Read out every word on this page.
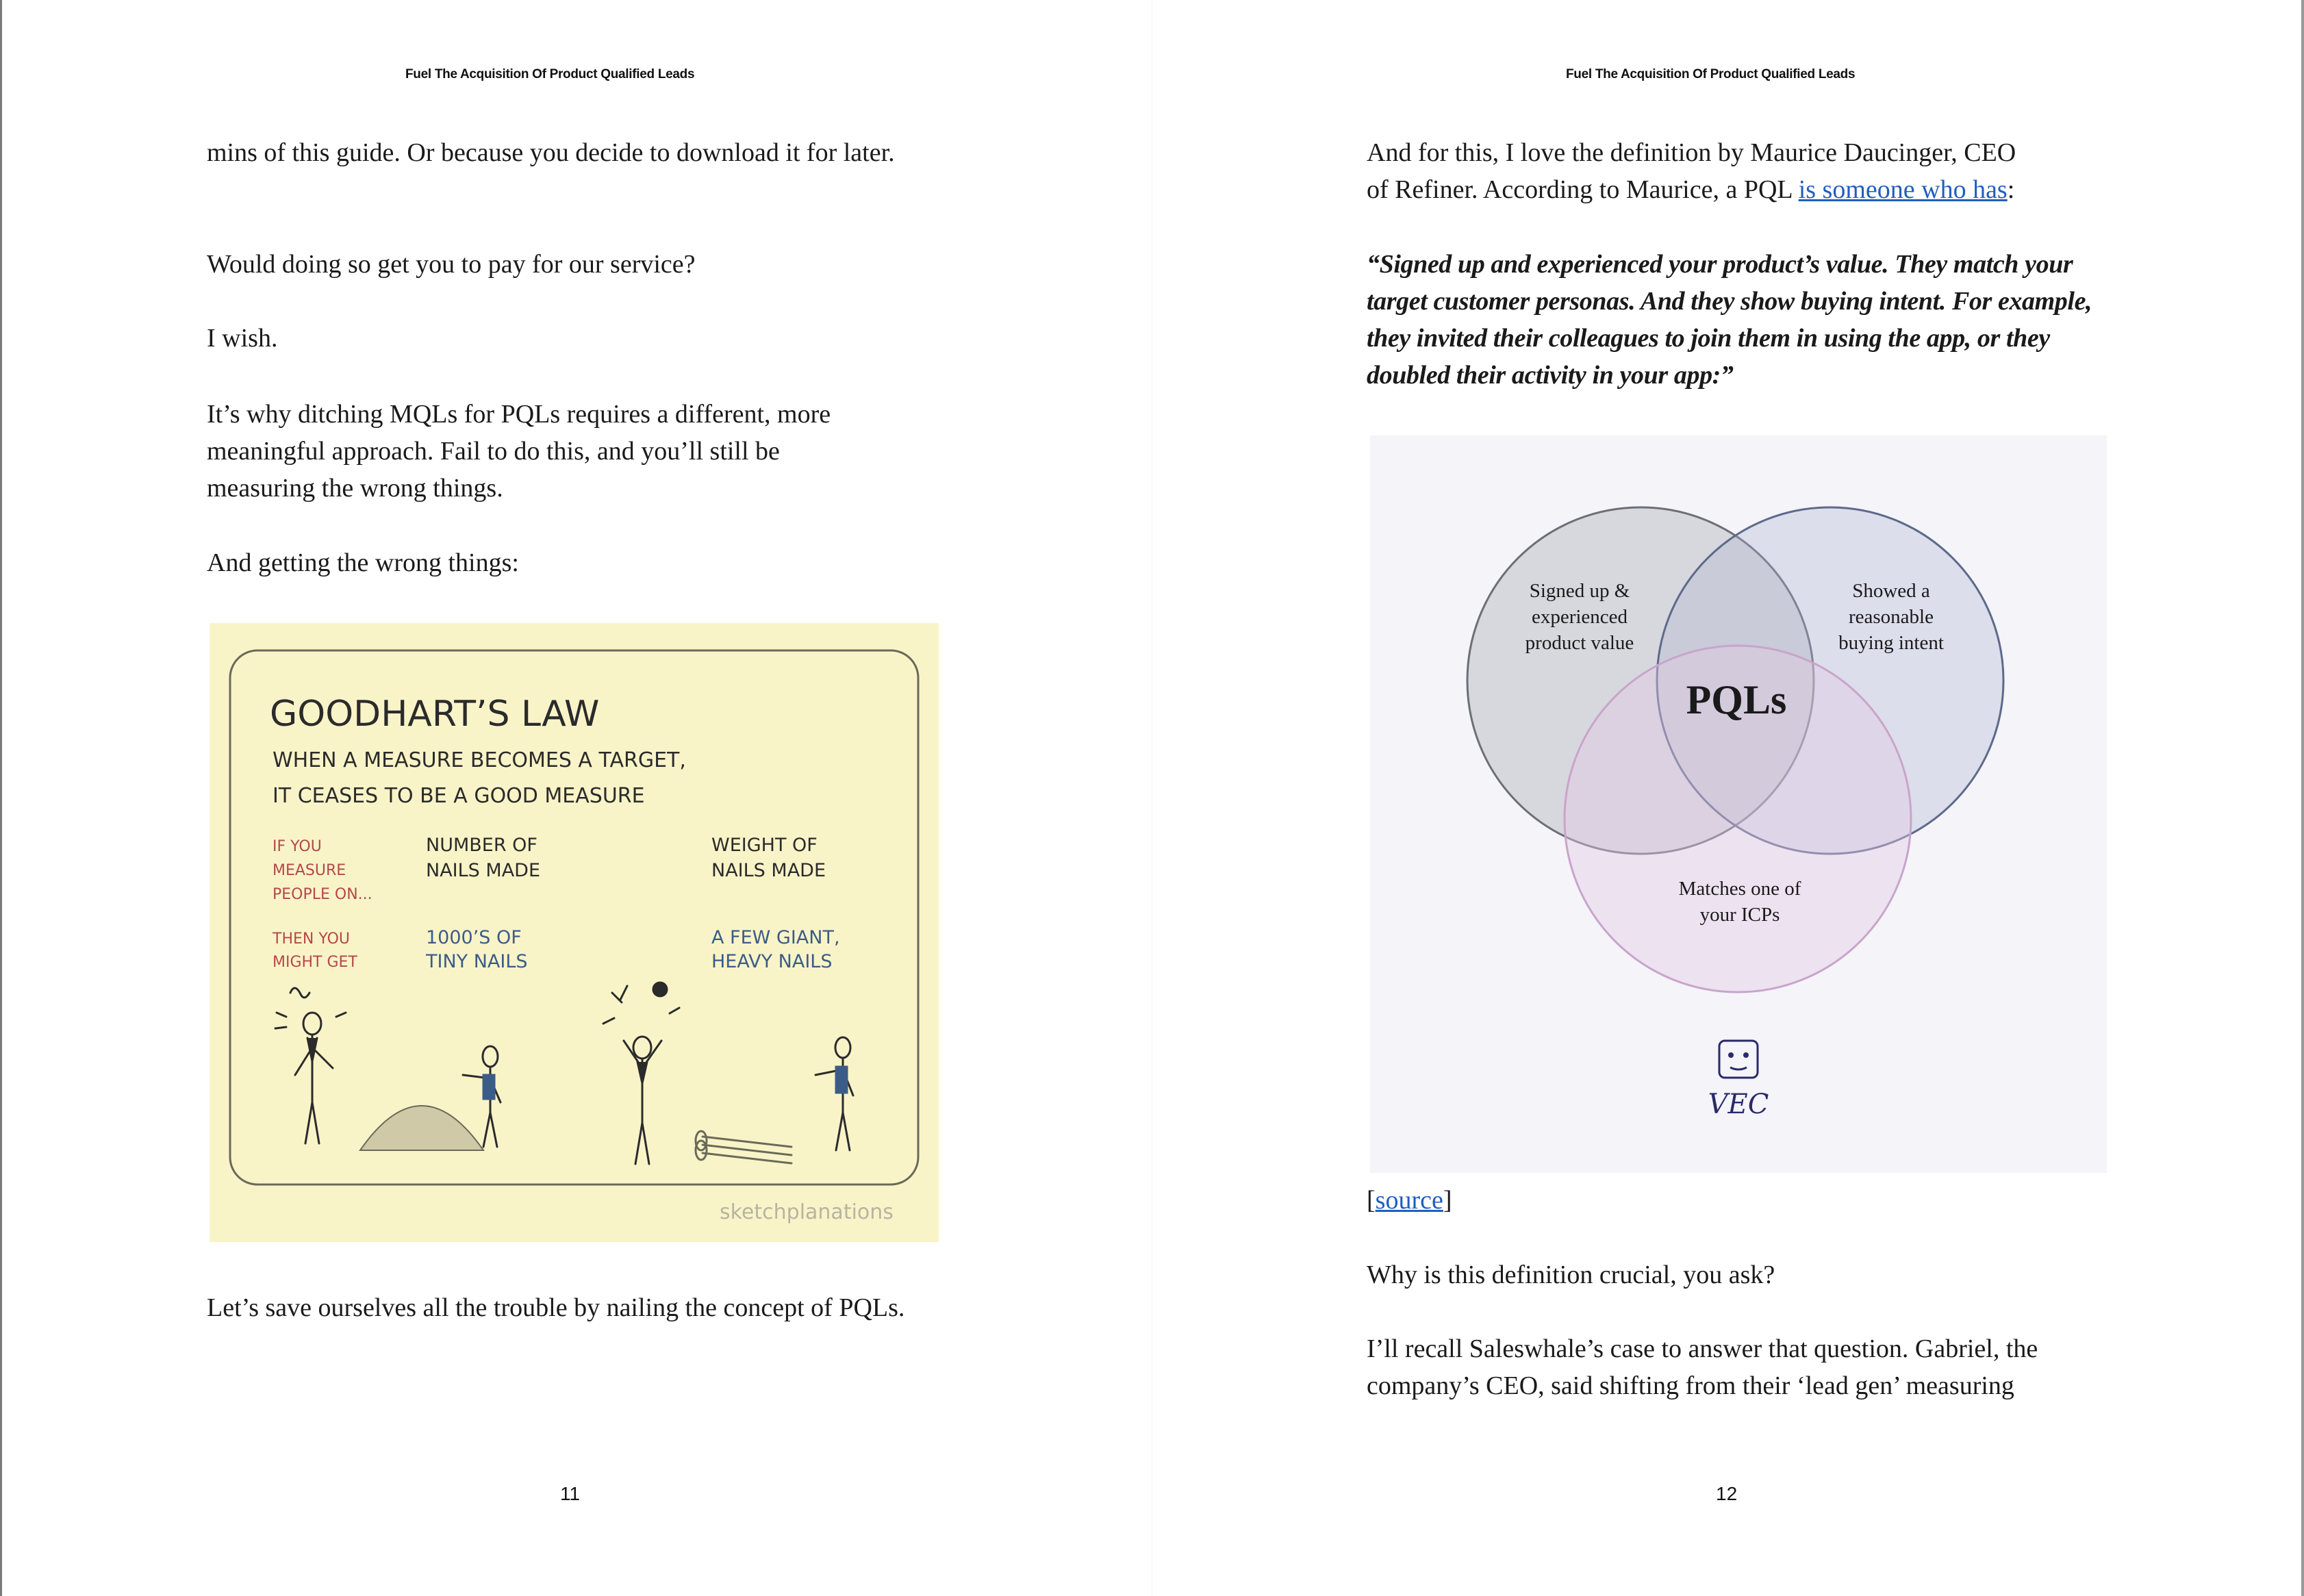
Fuel The Acquisition Of Product Qualified Leads

mins of this guide. Or because you decide to download it for later.

Would doing so get you to pay for our service?

I wish.

It’s why ditching MQLs for PQLs requires a different, more meaningful approach. Fail to do this, and you’ll still be measuring the wrong things.

And getting the wrong things:

GOODHART’S LAW
WHEN A MEASURE BECOMES A TARGET,
IT CEASES TO BE A GOOD MEASURE
IF YOU
MEASURE
PEOPLE ON...
THEN YOU
MIGHT GET
NUMBER OF
NAILS MADE
WEIGHT OF
NAILS MADE
1000’S OF
TINY NAILS
A FEW GIANT,
HEAVY NAILS
sketchplanations

Let’s save ourselves all the trouble by nailing the concept of PQLs.

11
Fuel The Acquisition Of Product Qualified Leads
And for this, I love the definition by Maurice Daucinger, CEO
of Refiner. According to Maurice, a PQL is someone who has:

“Signed up and experienced your product’s value. They match your target customer personas. And they show buying intent. For example, they invited their colleagues to join them in using the app, or they doubled their activity in your app:”

Signed up &
experienced
product value
Showed a
reasonable
buying intent
Matches one of
your ICPs
PQLs
VEC
[source]

Why is this definition crucial, you ask?

I’ll recall Saleswhale’s case to answer that question. Gabriel, the company’s CEO, said shifting from their ‘lead gen’ measuring

12
